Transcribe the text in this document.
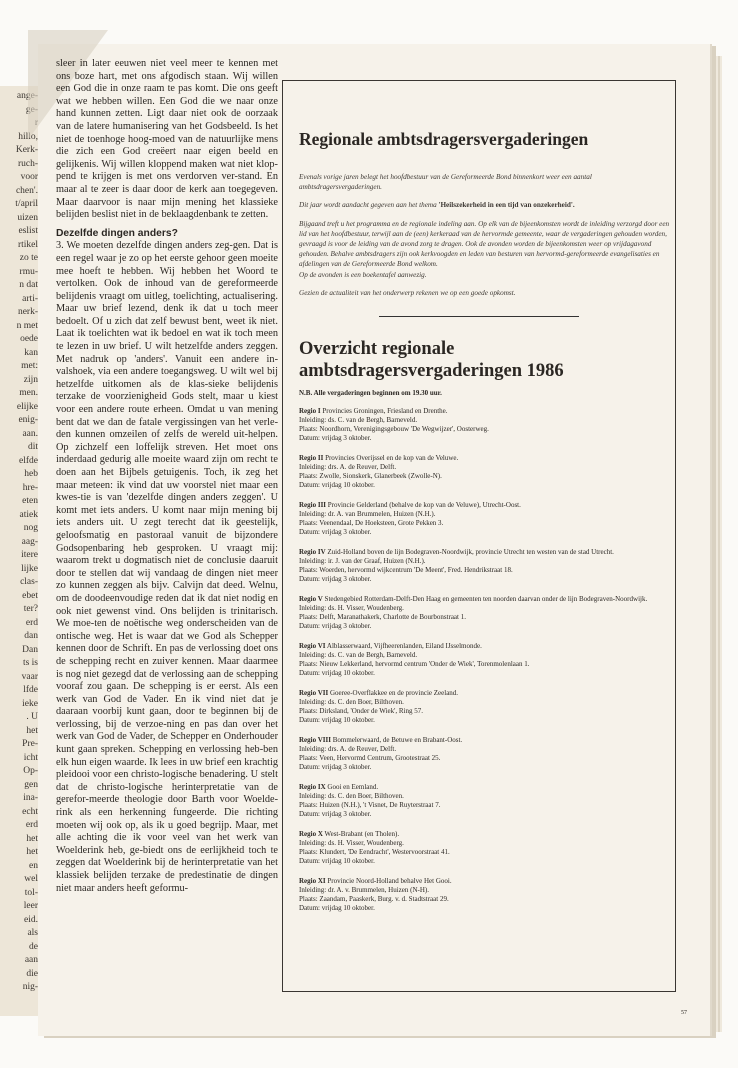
ange-
ge-
r
hillo,
Kerk-
ruch-
voor
chen'.
t/april
uizen
eslist
rtikel
zo te
rmu-
n dat
arti-
nerk-
n met
oede
kan
met:
zijn
men.
elijke
enig-
aan.
dit
elfde
heb
hre-
eten
atiek
nog
aag-
itere
lijke
clas-
ebet
ter?
erd
dan
Dan
ts is
vaar
lfde
ieke
. U
het
Pre-
icht
Op-
gen
ina-
echt
erd
het
het
en
wel
tol-
leer
eid.
als
de
aan
die
nig-

sleer in later eeuwen niet veel meer te kennen met ons boze hart, met ons afgodisch staan. Wij willen een God die in onze raam te pas komt. Die ons geeft wat we hebben willen. Een God die we naar onze hand kunnen zetten. Ligt daar niet ook de oorzaak van de latere humanisering van het Godsbeeld. Is het niet de toenhoge hoog-moed van de natuurlijke mens die zich een God creëert naar eigen beeld en gelijkenis. Wij willen kloppend maken wat niet klop-pend te krijgen is met ons verdorven ver-stand. En maar al te zeer is daar door de kerk aan toegegeven. Maar daarvoor is naar mijn mening het klassieke belijden beslist niet in de beklaagdenbank te zetten.

Dezelfde dingen anders?

3. We moeten dezelfde dingen anders zeg-gen. Dat is een regel waar je zo op het eerste gehoor geen moeite mee hoeft te hebben. Wij hebben het Woord te vertolken. Ook de inhoud van de gereformeerde belijdenis vraagt om uitleg, toelichting, actualisering. Maar uw brief lezend, denk ik dat u toch meer bedoelt. Of u zich dat zelf bewust bent, weet ik niet. Laat ik toelichten wat ik bedoel en wat ik toch meen te lezen in uw brief. U wilt hetzelfde anders zeggen. Met nadruk op 'anders'. Vanuit een andere in-valshoek, via een andere toegangsweg. U wilt wel bij hetzelfde uitkomen als de klas-sieke belijdenis terzake de voorzienigheid Gods stelt, maar u kiest voor een andere route erheen. Omdat u van mening bent dat we dan de fatale vergissingen van het verle-den kunnen omzeilen of zelfs de wereld uit-helpen. Op zichzelf een loffelijk streven. Het moet ons inderdaad gedurig alle moeite waard zijn om recht te doen aan het Bijbels getuigenis. Toch, ik zeg het maar meteen: ik vind dat uw voorstel niet maar een kwes-tie is van 'dezelfde dingen anders zeggen'. U komt met iets anders. U komt naar mijn mening bij iets anders uit. U zegt terecht dat ik geestelijk, geloofsmatig en pastoraal vanuit de bijzondere Godsopenbaring heb gesproken. U vraagt mij: waarom trekt u dogmatisch niet de conclusie daaruit door te stellen dat wij vandaag de dingen niet meer zo kunnen zeggen als bijv. Calvijn dat deed. Welnu, om de doodeenvoudige reden dat ik dat niet nodig en ook niet gewenst vind. Ons belijden is trinitarisch. We moe-ten de noëtische weg onderscheiden van de ontische weg. Het is waar dat we God als Schepper kennen door de Schrift. En pas de verlossing doet ons de schepping recht en zuiver kennen. Maar daarmee is nog niet gezegd dat de verlossing aan de schepping vooraf zou gaan. De schepping is er eerst. Als een werk van God de Vader. En ik vind niet dat je daaraan voorbij kunt gaan, door te beginnen bij de verlossing, bij de verzoe-ning en pas dan over het werk van God de Vader, de Schepper en Onderhouder kunt gaan spreken. Schepping en verlossing heb-ben elk hun eigen waarde. Ik lees in uw brief een krachtig pleidooi voor een christo-logische benadering. U stelt dat de christo-logische herinterpretatie van de gerefor-meerde theologie door Barth voor Woelde-rink als een herkenning fungeerde. Die richting moeten wij ook op, als ik u goed begrijp. Maar, met alle achting die ik voor veel van het werk van Woelderink heb, ge-biedt ons de eerlijkheid toch te zeggen dat Woelderink bij de herinterpretatie van het klassiek belijden terzake de predestinatie de dingen niet maar anders heeft geformu-

Regionale ambtsdragersvergaderingen

Evenals vorige jaren belegt het hoofdbestuur van de Gereformeerde Bond binnenkort weer een aantal ambtsdragersvergaderingen.

Dit jaar wordt aandacht gegeven aan het thema 'Heilszekerheid in een tijd van onzekerheid'.

Bijgaand treft u het programma en de regionale indeling aan. Op elk van de bijeenkomsten wordt de inleiding verzorgd door een lid van het hoofdbestuur, terwijl aan de (een) kerkeraad van de hervormde gemeente, waar de vergaderingen gehouden worden, gevraagd is voor de leiding van de avond zorg te dragen. Ook de avonden worden de bijeenkomsten weer op vrijdagavond gehouden. Behalve ambtsdragers zijn ook kerkvoogden en leden van besturen van hervormd-gereformeerde evangelisaties en afdelingen van de Gereformeerde Bond welkom.

Op de avonden is een boekentafel aanwezig.

Gezien de actualiteit van het onderwerp rekenen we op een goede opkomst.

Overzicht regionale ambtsdragersvergaderingen 1986
N.B. Alle vergaderingen beginnen om 19.30 uur.
Regio I Provincies Groningen, Friesland en Drenthe.
Inleiding: ds. C. van de Bergh, Barneveld.
Plaats: Noordhorn, Verenigingsgebouw 'De Wegwijzer', Oosterweg.
Datum: vrijdag 3 oktober.
Regio II Provincies Overijssel en de kop van de Veluwe.
Inleiding: drs. A. de Reuver, Delft.
Plaats: Zwolle, Sionskerk, Glanerbeek (Zwolle-N).
Datum: vrijdag 10 oktober.
Regio III Provincie Gelderland (behalve de kop van de Veluwe), Utrecht-Oost.
Inleiding: dr. A. van Brummelen, Huizen (N.H.).
Plaats: Veenendaal, De Hoeksteen, Grote Pekken 3.
Datum: vrijdag 3 oktober.
Regio IV Zuid-Holland boven de lijn Bodegraven-Noordwijk, provincie Utrecht ten westen van de stad Utrecht.
Inleiding: ir. J. van der Graaf, Huizen (N.H.).
Plaats: Woerden, hervormd wijkcentrum 'De Meent', Fred. Hendrikstraat 18.
Datum: vrijdag 3 oktober.
Regio V Stedengebied Rotterdam-Delft-Den Haag en gemeenten ten noorden daarvan onder de lijn Bodegraven-Noordwijk.
Inleiding: ds. H. Visser, Woudenberg.
Plaats: Delft, Maranathakerk, Charlotte de Bourbonstraat 1.
Datum: vrijdag 3 oktober.
Regio VI Alblasserwaard, Vijfheerenlanden, Eiland IJsselmonde.
Inleiding: ds. C. van de Bergh, Barneveld.
Plaats: Nieuw Lekkerland, hervormd centrum 'Onder de Wiek', Torenmolenlaan 1.
Datum: vrijdag 10 oktober.
Regio VII Goeree-Overflakkee en de provincie Zeeland.
Inleiding: ds. C. den Boer, Bilthoven.
Plaats: Dirksland, 'Onder de Wiek', Ring 57.
Datum: vrijdag 10 oktober.
Regio VIII Bommelerwaard, de Betuwe en Brabant-Oost.
Inleiding: drs. A. de Reuver, Delft.
Plaats: Veen, Hervormd Centrum, Grootestraat 25.
Datum: vrijdag 3 oktober.
Regio IX Gooi en Eemland.
Inleiding: ds. C. den Boer, Bilthoven.
Plaats: Huizen (N.H.), 't Visnet, De Ruyterstraat 7.
Datum: vrijdag 3 oktober.
Regio X West-Brabant (en Tholen).
Inleiding: ds. H. Visser, Woudenberg.
Plaats: Klundert, 'De Eendracht', Westervoorstraat 41.
Datum: vrijdag 10 oktober.
Regio XI Provincie Noord-Holland behalve Het Gooi.
Inleiding: dr. A. v. Brummelen, Huizen (N-H).
Plaats: Zaandam, Paaskerk, Burg. v. d. Stadtstraat 29.
Datum: vrijdag 10 oktober.
57
